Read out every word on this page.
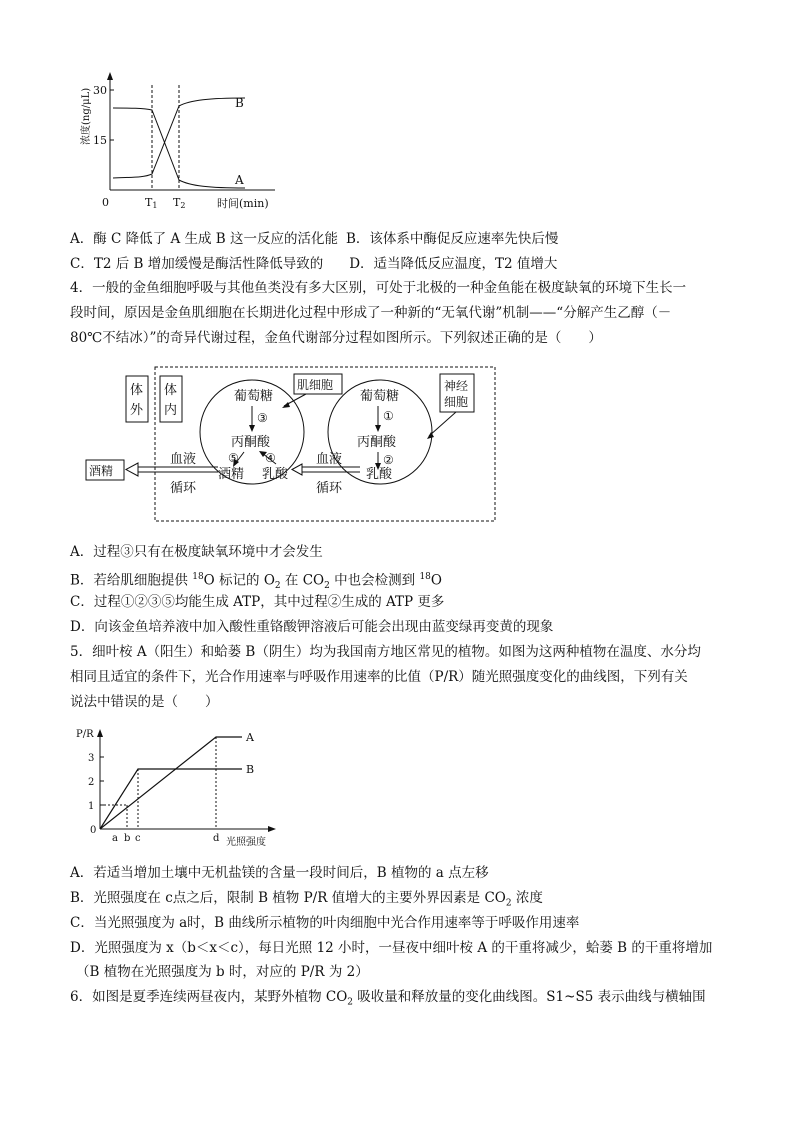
30
15
0
浓度(ng/μL)	B
A
T1 T2	时间(min)
A．酶 C 降低了 A 生成 B 这一反应的活化能 B．该体系中酶促反应速率先快后慢
C．T2 后 B 增加缓慢是酶活性降低导致的 D．适当降低反应温度，T2 值增大
4．一般的金鱼细胞呼吸与其他鱼类没有多大区别，可处于北极的一种金鱼能在极度缺氧的环境下生长一
段时间，原因是金鱼肌细胞在长期进化过程中形成了一种新的“无氧代谢”机制——“分解产生乙醇（－
80℃不结冰）”的奇异代谢过程，金鱼代谢部分过程如图所示。下列叙述正确的是（　　）
体
外
体
内
肌细胞	神经
细胞
葡萄糖
③
丙酮酸
⑤ ④
酒精 乳酸
葡萄糖
①
丙酮酸
②
乳酸
血液
循环
酒精
血液
循环
A．过程③只有在极度缺氧环境中才会发生
B．若给肌细胞提供 $^{18}$O 标记的 $O_2$ 在 $CO_2$ 中也会检测到 $^{18}$O
C．过程①②③⑤均能生成 ATP，其中过程②生成的 ATP 更多
D．向该金鱼培养液中加入酸性重铬酸钾溶液后可能会出现由蓝变绿再变黄的现象
5．细叶桉 A（阳生）和蛤蒌 B（阴生）均为我国南方地区常见的植物。如图为这两种植物在温度、水分均
相同且适宜的条件下，光合作用速率与呼吸作用速率的比值（P/R）随光照强度变化的曲线图，下列有关
说法中错误的是（　　）
P/R
3
2
1
0
A
B
a b c	d 光照强度
A．若适当增加土壤中无机盐镁的含量一段时间后，B 植物的 a 点左移
B．光照强度在 c点之后，限制 B 植物 P/R 值增大的主要外界因素是 $CO_2$ 浓度
C．当光照强度为 a时，B 曲线所示植物的叶肉细胞中光合作用速率等于呼吸作用速率
D．光照强度为 x（b＜x＜c），每日光照 12 小时，一昼夜中细叶桉 A 的干重将减少，蛤蒌 B 的干重将增加
（B 植物在光照强度为 b 时，对应的 P/R 为 2）
6．如图是夏季连续两昼夜内，某野外植物 $CO_2$ 吸收量和释放量的变化曲线图。S1~S5 表示曲线与横轴围
